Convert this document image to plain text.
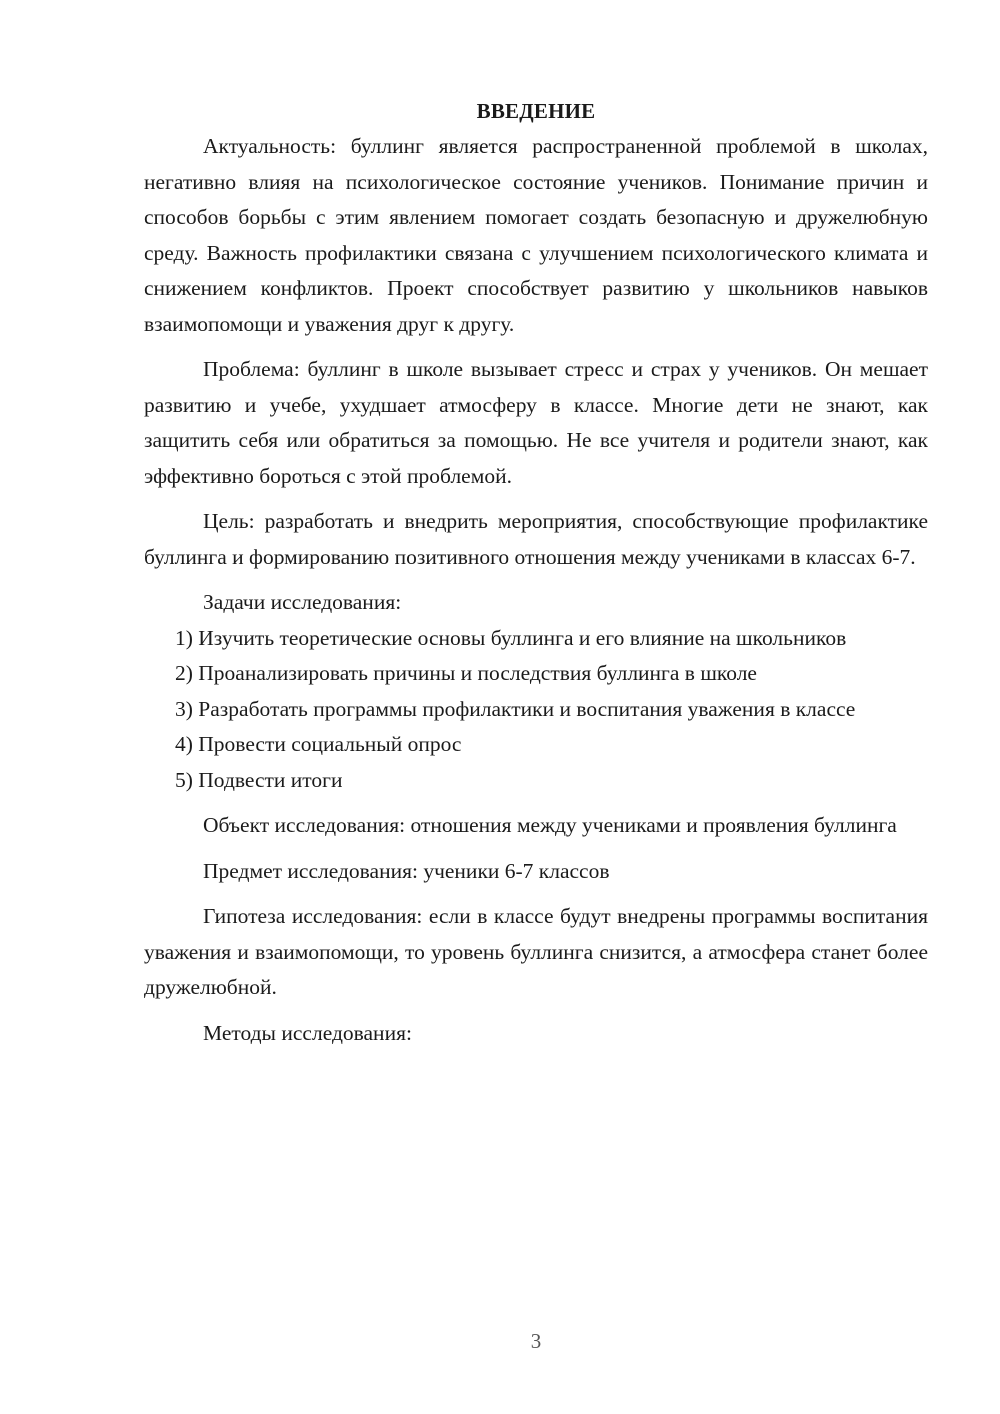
ВВЕДЕНИЕ

Актуальность: буллинг является распространенной проблемой в школах, негативно влияя на психологическое состояние учеников. Понимание причин и способов борьбы с этим явлением помогает создать безопасную и дружелюбную среду. Важность профилактики связана с улучшением психологического климата и снижением конфликтов. Проект способствует развитию у школьников навыков взаимопомощи и уважения друг к другу.

Проблема: буллинг в школе вызывает стресс и страх у учеников. Он мешает развитию и учебе, ухудшает атмосферу в классе. Многие дети не знают, как защитить себя или обратиться за помощью. Не все учителя и родители знают, как эффективно бороться с этой проблемой.

Цель: разработать и внедрить мероприятия, способствующие профилактике буллинга и формированию позитивного отношения между учениками в классах 6-7.

Задачи исследования:

1) Изучить теоретические основы буллинга и его влияние на школьников

2) Проанализировать причины и последствия буллинга в школе

3) Разработать программы профилактики и воспитания уважения в классе

4) Провести социальный опрос

5) Подвести итоги

Объект исследования: отношения между учениками и проявления буллинга

Предмет исследования: ученики 6-7 классов

Гипотеза исследования: если в классе будут внедрены программы воспитания уважения и взаимопомощи, то уровень буллинга снизится, а атмосфера станет более дружелюбной.

Методы исследования:

3
